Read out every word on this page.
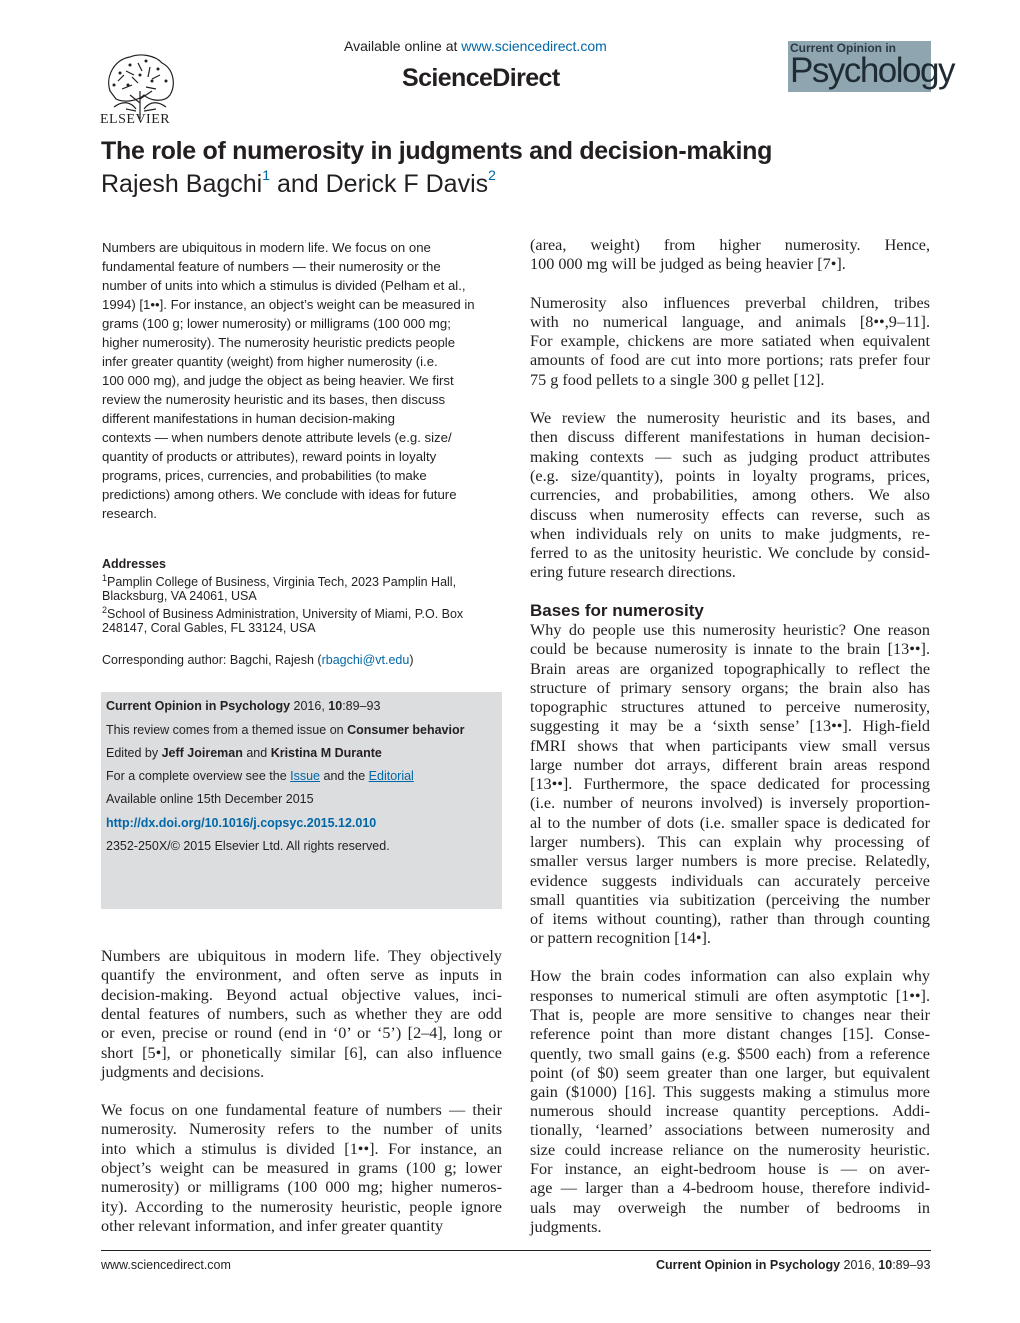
ELSEVIER
Available online at www.sciencedirect.com
ScienceDirect
Current Opinion in
Psychology
The role of numerosity in judgments and decision-making
Rajesh Bagchi$^1$ and Derick F Davis$^2$
Numbers are ubiquitous in modern life. We focus on one
fundamental feature of numbers — their numerosity or the
number of units into which a stimulus is divided (Pelham et al.,
1994) [1••]. For instance, an object’s weight can be measured in
grams (100 g; lower numerosity) or milligrams (100 000 mg;
higher numerosity). The numerosity heuristic predicts people
infer greater quantity (weight) from higher numerosity (i.e.
100 000 mg), and judge the object as being heavier. We first
review the numerosity heuristic and its bases, then discuss
different manifestations in human decision-making
contexts — when numbers denote attribute levels (e.g. size/
quantity of products or attributes), reward points in loyalty
programs, prices, currencies, and probabilities (to make
predictions) among others. We conclude with ideas for future
research.
Addresses
$^1$Pamplin College of Business, Virginia Tech, 2023 Pamplin Hall,
Blacksburg, VA 24061, USA
$^2$School of Business Administration, University of Miami, P.O. Box
248147, Coral Gables, FL 33124, USA
Corresponding author: Bagchi, Rajesh (rbagchi@vt.edu)
Current Opinion in Psychology 2016, 10:89–93
This review comes from a themed issue on Consumer behavior
Edited by Jeff Joireman and Kristina M Durante
For a complete overview see the Issue and the Editorial
Available online 15th December 2015
http://dx.doi.org/10.1016/j.copsyc.2015.12.010
2352-250X/© 2015 Elsevier Ltd. All rights reserved.
Bases for numerosity
Numbers are ubiquitous in modern life. They objectively
quantify the environment, and often serve as inputs in
decision-making. Beyond actual objective values, inci-
dental features of numbers, such as whether they are odd
or even, precise or round (end in ‘0’ or ‘5’) [2–4], long or
short [5•], or phonetically similar [6], can also influence
judgments and decisions.
We focus on one fundamental feature of numbers — their
numerosity. Numerosity refers to the number of units
into which a stimulus is divided [1••]. For instance, an
object’s weight can be measured in grams (100 g; lower
numerosity) or milligrams (100 000 mg; higher numeros-
ity). According to the numerosity heuristic, people ignore
other relevant information, and infer greater quantity
(area, weight) from higher numerosity. Hence,
100 000 mg will be judged as being heavier [7•].
Numerosity also influences preverbal children, tribes
with no numerical language, and animals [8••,9–11].
For example, chickens are more satiated when equivalent
amounts of food are cut into more portions; rats prefer four
75 g food pellets to a single 300 g pellet [12].
We review the numerosity heuristic and its bases, and
then discuss different manifestations in human decision-
making contexts — such as judging product attributes
(e.g. size/quantity), points in loyalty programs, prices,
currencies, and probabilities, among others. We also
discuss when numerosity effects can reverse, such as
when individuals rely on units to make judgments, re-
ferred to as the unitosity heuristic. We conclude by consid-
ering future research directions.
Why do people use this numerosity heuristic? One reason
could be because numerosity is innate to the brain [13••].
Brain areas are organized topographically to reflect the
structure of primary sensory organs; the brain also has
topographic structures attuned to perceive numerosity,
suggesting it may be a ‘sixth sense’ [13••]. High-field
fMRI shows that when participants view small versus
large number dot arrays, different brain areas respond
[13••]. Furthermore, the space dedicated for processing
(i.e. number of neurons involved) is inversely proportion-
al to the number of dots (i.e. smaller space is dedicated for
larger numbers). This can explain why processing of
smaller versus larger numbers is more precise. Relatedly,
evidence suggests individuals can accurately perceive
small quantities via subitization (perceiving the number
of items without counting), rather than through counting
or pattern recognition [14•].
How the brain codes information can also explain why
responses to numerical stimuli are often asymptotic [1••].
That is, people are more sensitive to changes near their
reference point than more distant changes [15]. Conse-
quently, two small gains (e.g. $500 each) from a reference
point (of $0) seem greater than one larger, but equivalent
gain ($1000) [16]. This suggests making a stimulus more
numerous should increase quantity perceptions. Addi-
tionally, ‘learned’ associations between numerosity and
size could increase reliance on the numerosity heuristic.
For instance, an eight-bedroom house is — on aver-
age — larger than a 4-bedroom house, therefore individ-
uals may overweigh the number of bedrooms in
judgments.
www.sciencedirect.com	Current Opinion in Psychology 2016, 10:89–93
